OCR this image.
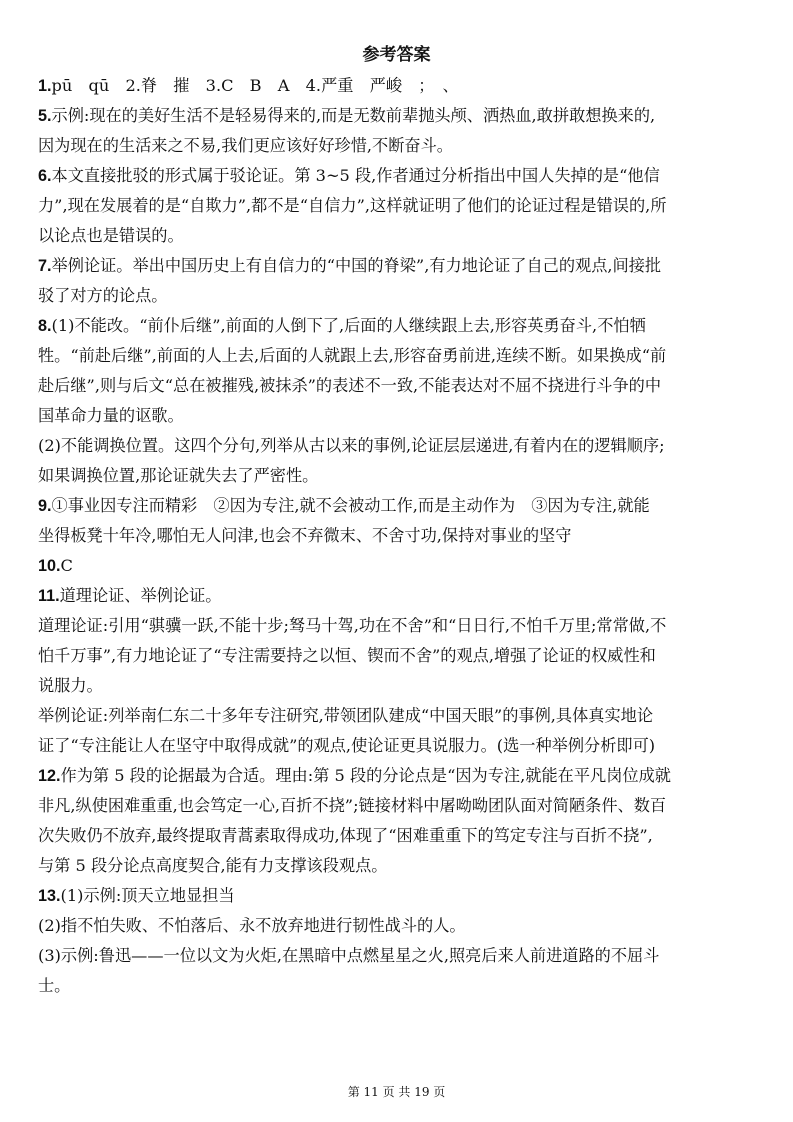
参考答案
1.pū　qū　2.脊　摧　3.C　B　A　4.严重　严峻　；　、
5.示例:现在的美好生活不是轻易得来的,而是无数前辈抛头颅、洒热血,敢拼敢想换来的,
因为现在的生活来之不易,我们更应该好好珍惜,不断奋斗。
6.本文直接批驳的形式属于驳论证。第 3~5 段,作者通过分析指出中国人失掉的是“他信
力”,现在发展着的是“自欺力”,都不是“自信力”,这样就证明了他们的论证过程是错误的,所
以论点也是错误的。
7.举例论证。举出中国历史上有自信力的“中国的脊梁”,有力地论证了自己的观点,间接批
驳了对方的论点。
8.(1)不能改。“前仆后继”,前面的人倒下了,后面的人继续跟上去,形容英勇奋斗,不怕牺
牲。“前赴后继”,前面的人上去,后面的人就跟上去,形容奋勇前进,连续不断。如果换成“前
赴后继”,则与后文“总在被摧残,被抹杀”的表述不一致,不能表达对不屈不挠进行斗争的中
国革命力量的讴歌。
(2)不能调换位置。这四个分句,列举从古以来的事例,论证层层递进,有着内在的逻辑顺序;
如果调换位置,那论证就失去了严密性。
9.①事业因专注而精彩　②因为专注,就不会被动工作,而是主动作为　③因为专注,就能
坐得板凳十年冷,哪怕无人问津,也会不弃微末、不舍寸功,保持对事业的坚守
10.C
11.道理论证、举例论证。
道理论证:引用“骐骥一跃,不能十步;驽马十驾,功在不舍”和“日日行,不怕千万里;常常做,不
怕千万事”,有力地论证了“专注需要持之以恒、锲而不舍”的观点,增强了论证的权威性和
说服力。
举例论证:列举南仁东二十多年专注研究,带领团队建成“中国天眼”的事例,具体真实地论
证了“专注能让人在坚守中取得成就”的观点,使论证更具说服力。(选一种举例分析即可)
12.作为第 5 段的论据最为合适。理由:第 5 段的分论点是“因为专注,就能在平凡岗位成就
非凡,纵使困难重重,也会笃定一心,百折不挠”;链接材料中屠呦呦团队面对简陋条件、数百
次失败仍不放弃,最终提取青蒿素取得成功,体现了“困难重重下的笃定专注与百折不挠”,
与第 5 段分论点高度契合,能有力支撑该段观点。
13.(1)示例:顶天立地显担当
(2)指不怕失败、不怕落后、永不放弃地进行韧性战斗的人。
(3)示例:鲁迅——一位以文为火炬,在黑暗中点燃星星之火,照亮后来人前进道路的不屈斗
士。
第 11 页 共 19 页
